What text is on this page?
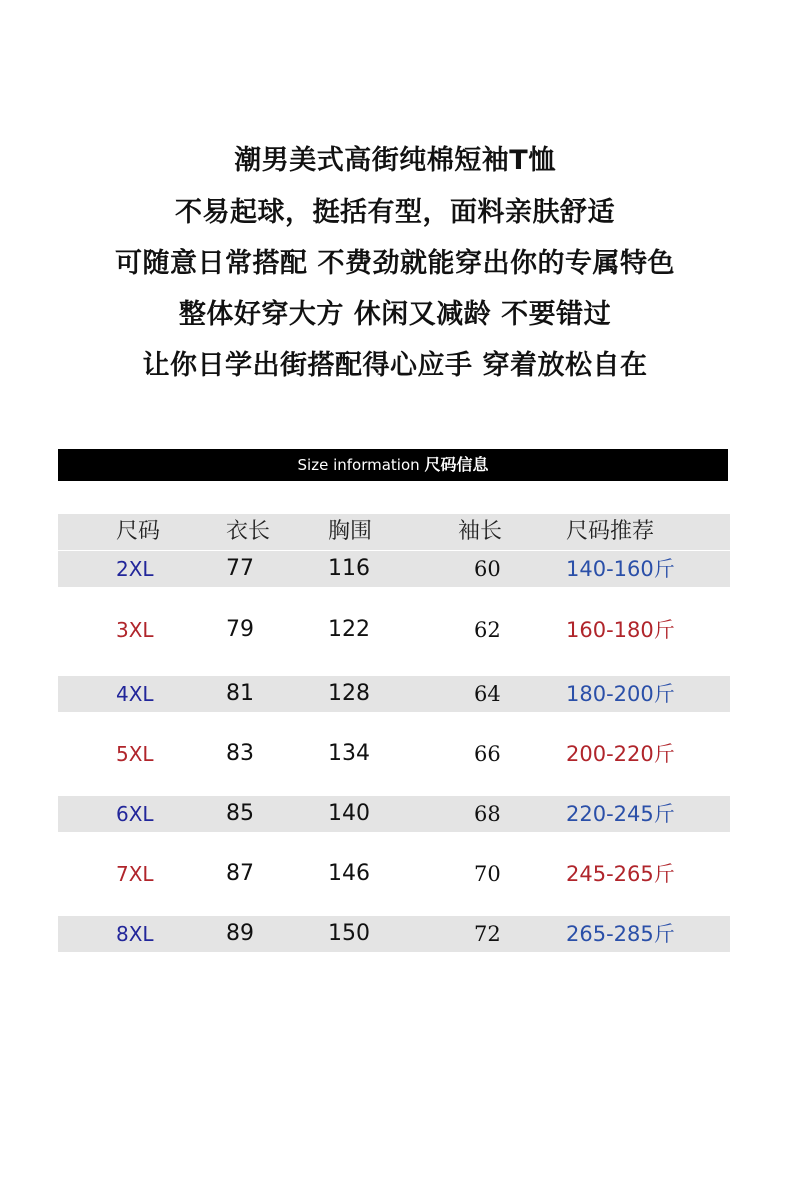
潮男美式高街纯棉短袖T恤
不易起球，挺括有型，面料亲肤舒适
可随意日常搭配 不费劲就能穿出你的专属特色
整体好穿大方 休闲又减龄 不要错过
让你日学出街搭配得心应手 穿着放松自在
Size information 尺码信息
尺码	衣长	胸围	袖长	尺码推荐
2XL	77	116	60	140-160斤
3XL	79	122	62	160-180斤
4XL	81	128	64	180-200斤
5XL	83	134	66	200-220斤
6XL	85	140	68	220-245斤
7XL	87	146	70	245-265斤
8XL	89	150	72	265-285斤
